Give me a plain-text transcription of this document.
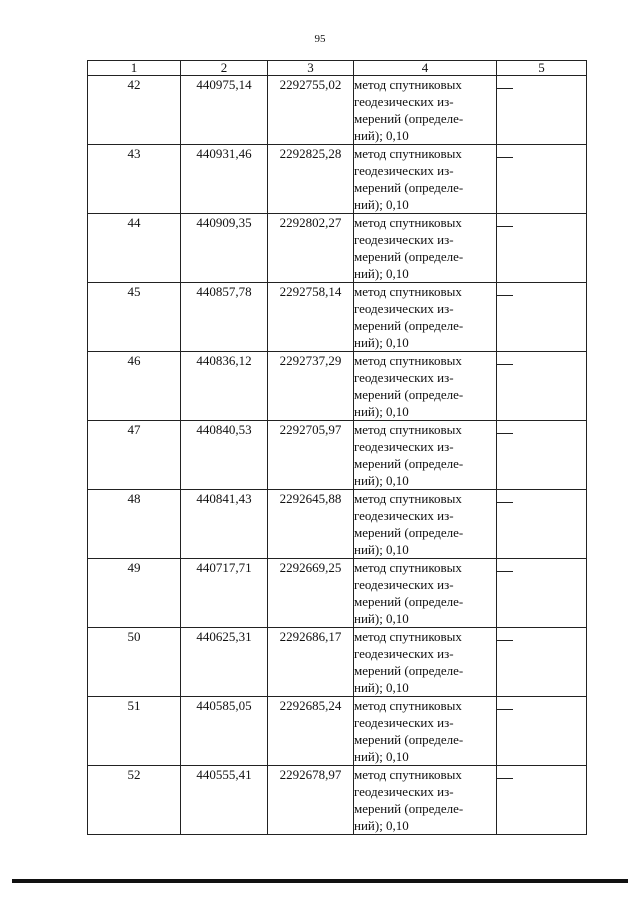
95
1	2	3	4	5
42	440975,14	2292755,02	метод спутниковых
геодезических из-
мерений (определе-
ний); 0,10	

43	440931,46	2292825,28	метод спутниковых
геодезических из-
мерений (определе-
ний); 0,10	

44	440909,35	2292802,27	метод спутниковых
геодезических из-
мерений (определе-
ний); 0,10	

45	440857,78	2292758,14	метод спутниковых
геодезических из-
мерений (определе-
ний); 0,10	

46	440836,12	2292737,29	метод спутниковых
геодезических из-
мерений (определе-
ний); 0,10	

47	440840,53	2292705,97	метод спутниковых
геодезических из-
мерений (определе-
ний); 0,10	

48	440841,43	2292645,88	метод спутниковых
геодезических из-
мерений (определе-
ний); 0,10	

49	440717,71	2292669,25	метод спутниковых
геодезических из-
мерений (определе-
ний); 0,10	

50	440625,31	2292686,17	метод спутниковых
геодезических из-
мерений (определе-
ний); 0,10	

51	440585,05	2292685,24	метод спутниковых
геодезических из-
мерений (определе-
ний); 0,10	

52	440555,41	2292678,97	метод спутниковых
геодезических из-
мерений (определе-
ний); 0,10	
